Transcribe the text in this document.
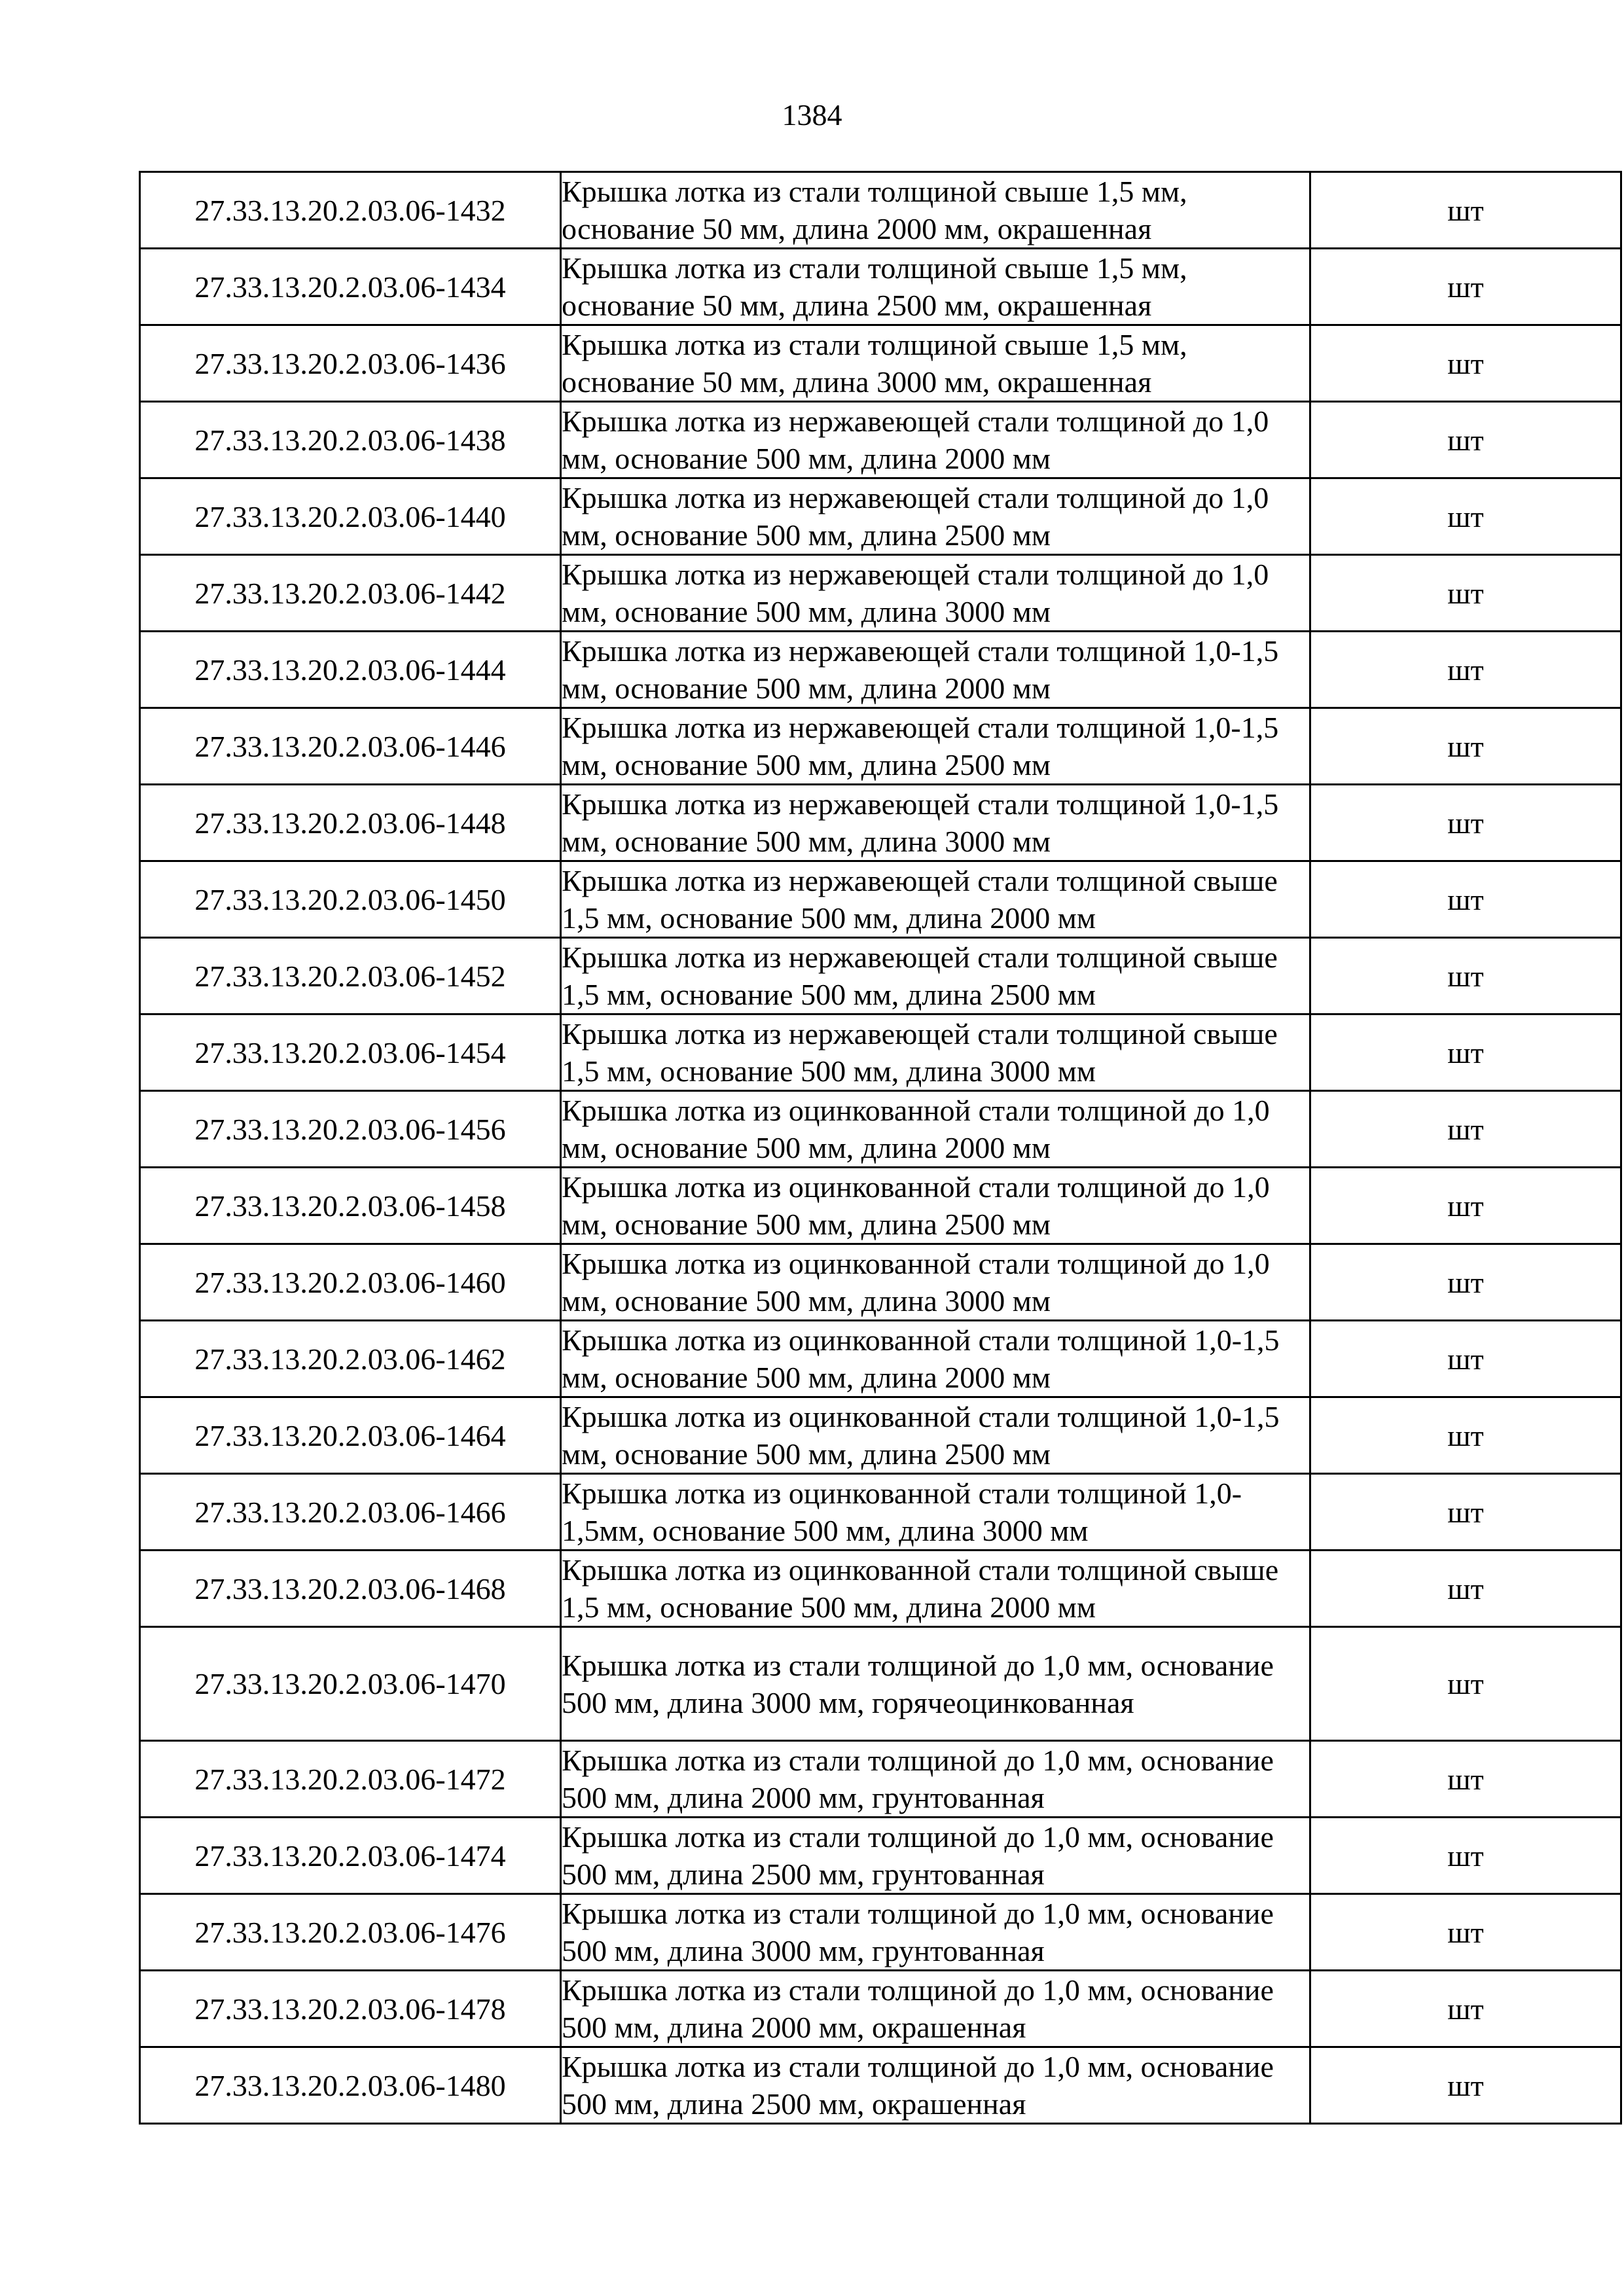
1384
27.33.13.20.2.03.06-1432	Крышка лотка из стали толщиной свыше 1,5 мм, основание 50 мм, длина 2000 мм, окрашенная	шт
27.33.13.20.2.03.06-1434	Крышка лотка из стали толщиной свыше 1,5 мм, основание 50 мм, длина 2500 мм, окрашенная	шт
27.33.13.20.2.03.06-1436	Крышка лотка из стали толщиной свыше 1,5 мм, основание 50 мм, длина 3000 мм, окрашенная	шт
27.33.13.20.2.03.06-1438	Крышка лотка из нержавеющей стали толщиной до 1,0 мм, основание 500 мм, длина 2000 мм	шт
27.33.13.20.2.03.06-1440	Крышка лотка из нержавеющей стали толщиной до 1,0 мм, основание 500 мм, длина 2500 мм	шт
27.33.13.20.2.03.06-1442	Крышка лотка из нержавеющей стали толщиной до 1,0 мм, основание 500 мм, длина 3000 мм	шт
27.33.13.20.2.03.06-1444	Крышка лотка из нержавеющей стали толщиной 1,0-1,5 мм, основание 500 мм, длина 2000 мм	шт
27.33.13.20.2.03.06-1446	Крышка лотка из нержавеющей стали толщиной 1,0-1,5 мм, основание 500 мм, длина 2500 мм	шт
27.33.13.20.2.03.06-1448	Крышка лотка из нержавеющей стали толщиной 1,0-1,5 мм, основание 500 мм, длина 3000 мм	шт
27.33.13.20.2.03.06-1450	Крышка лотка из нержавеющей стали толщиной свыше 1,5 мм, основание 500 мм, длина 2000 мм	шт
27.33.13.20.2.03.06-1452	Крышка лотка из нержавеющей стали толщиной свыше 1,5 мм, основание 500 мм, длина 2500 мм	шт
27.33.13.20.2.03.06-1454	Крышка лотка из нержавеющей стали толщиной свыше 1,5 мм, основание 500 мм, длина 3000 мм	шт
27.33.13.20.2.03.06-1456	Крышка лотка из оцинкованной стали толщиной до 1,0 мм, основание 500 мм, длина 2000 мм	шт
27.33.13.20.2.03.06-1458	Крышка лотка из оцинкованной стали толщиной до 1,0 мм, основание 500 мм, длина 2500 мм	шт
27.33.13.20.2.03.06-1460	Крышка лотка из оцинкованной стали толщиной до 1,0 мм, основание 500 мм, длина 3000 мм	шт
27.33.13.20.2.03.06-1462	Крышка лотка из оцинкованной стали толщиной 1,0-1,5 мм, основание 500 мм, длина 2000 мм	шт
27.33.13.20.2.03.06-1464	Крышка лотка из оцинкованной стали толщиной 1,0-1,5 мм, основание 500 мм, длина 2500 мм	шт
27.33.13.20.2.03.06-1466	Крышка лотка из оцинкованной стали толщиной 1,0-1,5мм, основание 500 мм, длина 3000 мм	шт
27.33.13.20.2.03.06-1468	Крышка лотка из оцинкованной стали толщиной свыше 1,5 мм, основание 500 мм, длина 2000 мм	шт
27.33.13.20.2.03.06-1470	Крышка лотка из стали толщиной до 1,0 мм, основание 500 мм, длина 3000 мм, горячеоцинкованная	шт
27.33.13.20.2.03.06-1472	Крышка лотка из стали толщиной до 1,0 мм, основание 500 мм, длина 2000 мм, грунтованная	шт
27.33.13.20.2.03.06-1474	Крышка лотка из стали толщиной до 1,0 мм, основание 500 мм, длина 2500 мм, грунтованная	шт
27.33.13.20.2.03.06-1476	Крышка лотка из стали толщиной до 1,0 мм, основание 500 мм, длина 3000 мм, грунтованная	шт
27.33.13.20.2.03.06-1478	Крышка лотка из стали толщиной до 1,0 мм, основание 500 мм, длина 2000 мм, окрашенная	шт
27.33.13.20.2.03.06-1480	Крышка лотка из стали толщиной до 1,0 мм, основание 500 мм, длина 2500 мм, окрашенная	шт
